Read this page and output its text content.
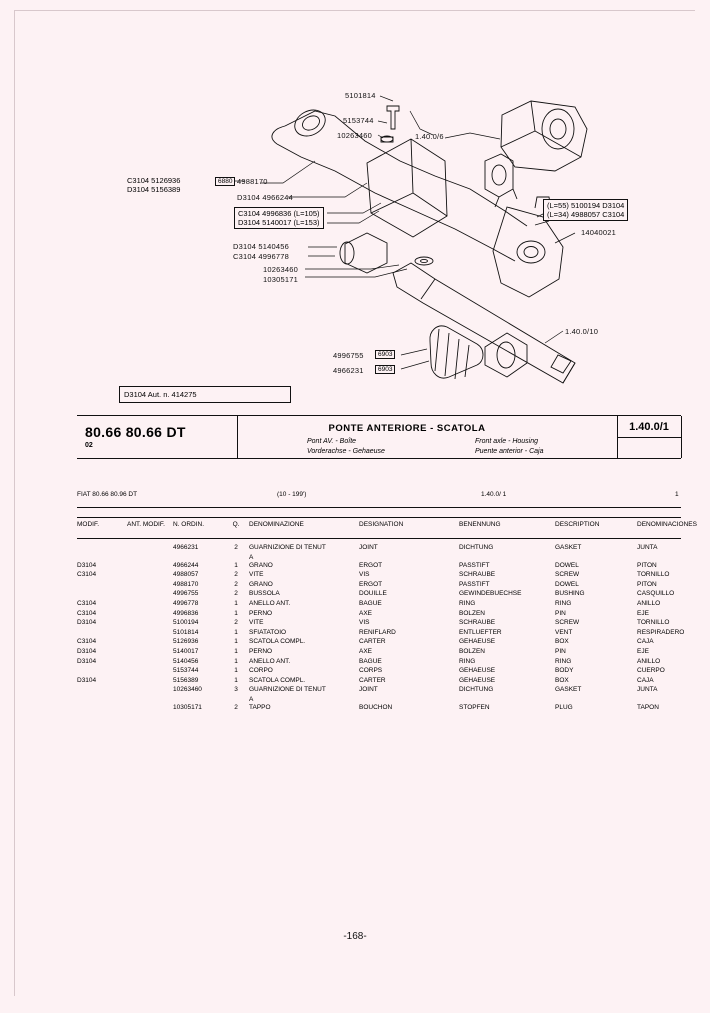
5101814
5153744
10263460	1.40.0/6
C3104 5126936
D3104 5156389
6880 4988170
D3104 4966244
C3104 4996836 (L=105)
D3104 5140017 (L=153)
D3104 5140456
C3104 4996778
10263460
10305171
(L=55) 5100194 D3104
(L=34) 4988057 C3104
14040021
1.40.0/10
4996755	6903
4966231	6903
D3104 Aut. n. 414275
80.66 80.66 DT
02
PONTE ANTERIORE - SCATOLA
Pont AV. - Boîte
Vorderachse - Gehaeuse
Front axle - Housing
Puente anterior - Caja
1.40.0/1
FIAT 80.66 80.96 DT	(10 - 199')	1.40.0/ 1	1
MODIF.	ANT. MODIF. N. ORDIN.	Q. DENOMINAZIONE	DESIGNATION	BENENNUNG	DESCRIPTION	DENOMINACIONES
4966231	2	GUARNIZIONE DI TENUT	JOINT	DICHTUNG	GASKET	JUNTA
A
D3104	4966244	1	GRANO	ERGOT	PASSTIFT	DOWEL	PITON
C3104	4988057	2	VITE	VIS	SCHRAUBE	SCREW	TORNILLO
4988170	2	GRANO	ERGOT	PASSTIFT	DOWEL	PITON
4996755	2	BUSSOLA	DOUILLE	GEWINDEBUECHSE	BUSHING	CASQUILLO
C3104	4996778	1	ANELLO ANT.	BAGUE	RING	RING	ANILLO
C3104	4996836	1	PERNO	AXE	BOLZEN	PIN	EJE
D3104	5100194	2	VITE	VIS	SCHRAUBE	SCREW	TORNILLO
5101814	1	SFIATATOIO	RENIFLARD	ENTLUEFTER	VENT	RESPIRADERO
C3104	5126936	1	SCATOLA COMPL.	CARTER	GEHAEUSE	BOX	CAJA
D3104	5140017	1	PERNO	AXE	BOLZEN	PIN	EJE
D3104	5140456	1	ANELLO ANT.	BAGUE	RING	RING	ANILLO
5153744	1	CORPO	CORPS	GEHAEUSE	BODY	CUERPO
D3104	5156389	1	SCATOLA COMPL.	CARTER	GEHAEUSE	BOX	CAJA
10263460	3	GUARNIZIONE DI TENUT	JOINT	DICHTUNG	GASKET	JUNTA
A
10305171	2	TAPPO	BOUCHON	STOPFEN	PLUG	TAPON
-168-
